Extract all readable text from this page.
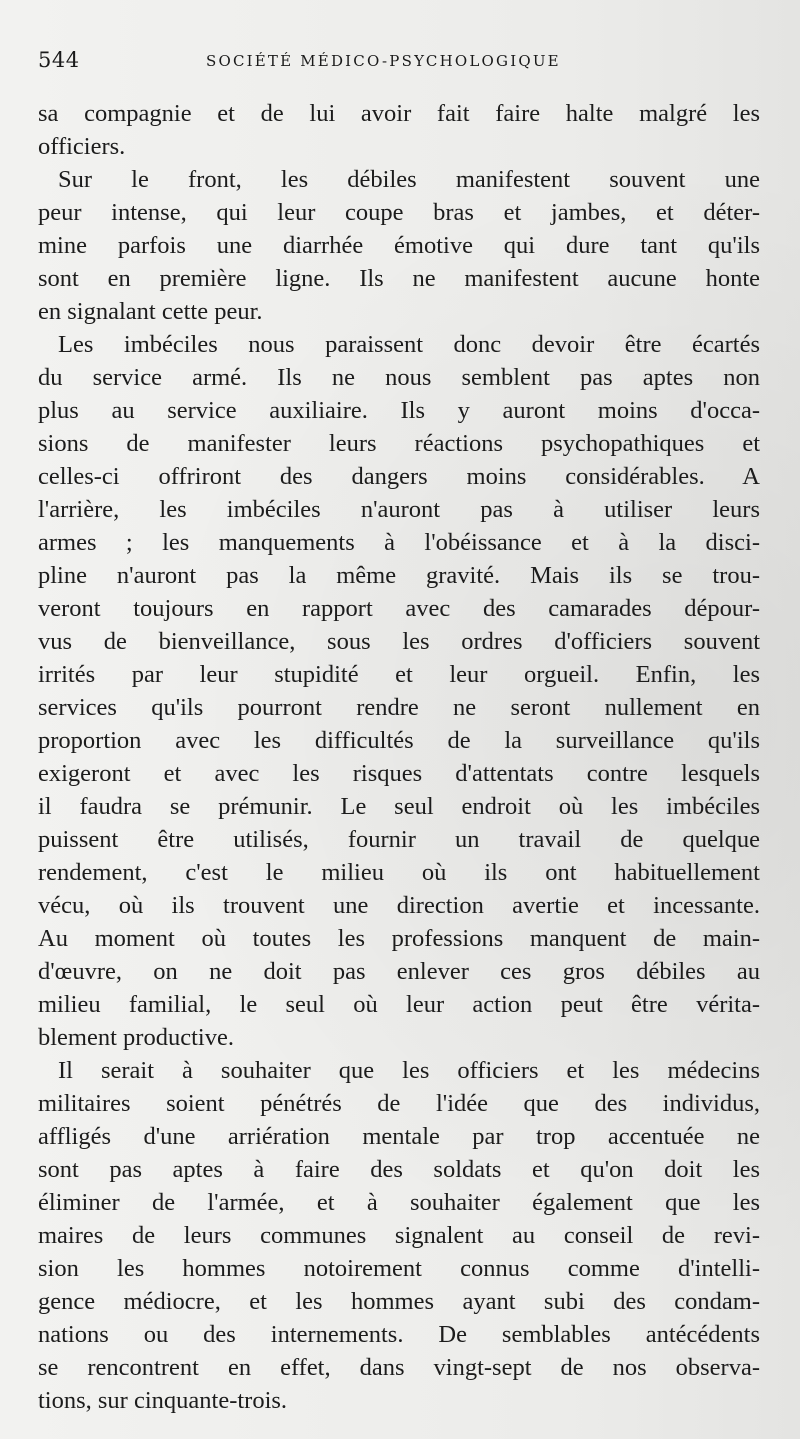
544	SOCIÉTÉ MÉDICO-PSYCHOLOGIQUE
sa compagnie et de lui avoir fait faire halte malgré les
officiers.
Sur le front, les débiles manifestent souvent une
peur intense, qui leur coupe bras et jambes, et déter-
mine parfois une diarrhée émotive qui dure tant qu'ils
sont en première ligne. Ils ne manifestent aucune honte
en signalant cette peur.
Les imbéciles nous paraissent donc devoir être écartés
du service armé. Ils ne nous semblent pas aptes non
plus au service auxiliaire. Ils y auront moins d'occa-
sions de manifester leurs réactions psychopathiques et
celles-ci offriront des dangers moins considérables. A
l'arrière, les imbéciles n'auront pas à utiliser leurs
armes ; les manquements à l'obéissance et à la disci-
pline n'auront pas la même gravité. Mais ils se trou-
veront toujours en rapport avec des camarades dépour-
vus de bienveillance, sous les ordres d'officiers souvent
irrités par leur stupidité et leur orgueil. Enfin, les
services qu'ils pourront rendre ne seront nullement en
proportion avec les difficultés de la surveillance qu'ils
exigeront et avec les risques d'attentats contre lesquels
il faudra se prémunir. Le seul endroit où les imbéciles
puissent être utilisés, fournir un travail de quelque
rendement, c'est le milieu où ils ont habituellement
vécu, où ils trouvent une direction avertie et incessante.
Au moment où toutes les professions manquent de main-
d'œuvre, on ne doit pas enlever ces gros débiles au
milieu familial, le seul où leur action peut être vérita-
blement productive.
Il serait à souhaiter que les officiers et les médecins
militaires soient pénétrés de l'idée que des individus,
affligés d'une arriération mentale par trop accentuée ne
sont pas aptes à faire des soldats et qu'on doit les
éliminer de l'armée, et à souhaiter également que les
maires de leurs communes signalent au conseil de revi-
sion les hommes notoirement connus comme d'intelli-
gence médiocre, et les hommes ayant subi des condam-
nations ou des internements. De semblables antécédents
se rencontrent en effet, dans vingt-sept de nos observa-
tions, sur cinquante-trois.
